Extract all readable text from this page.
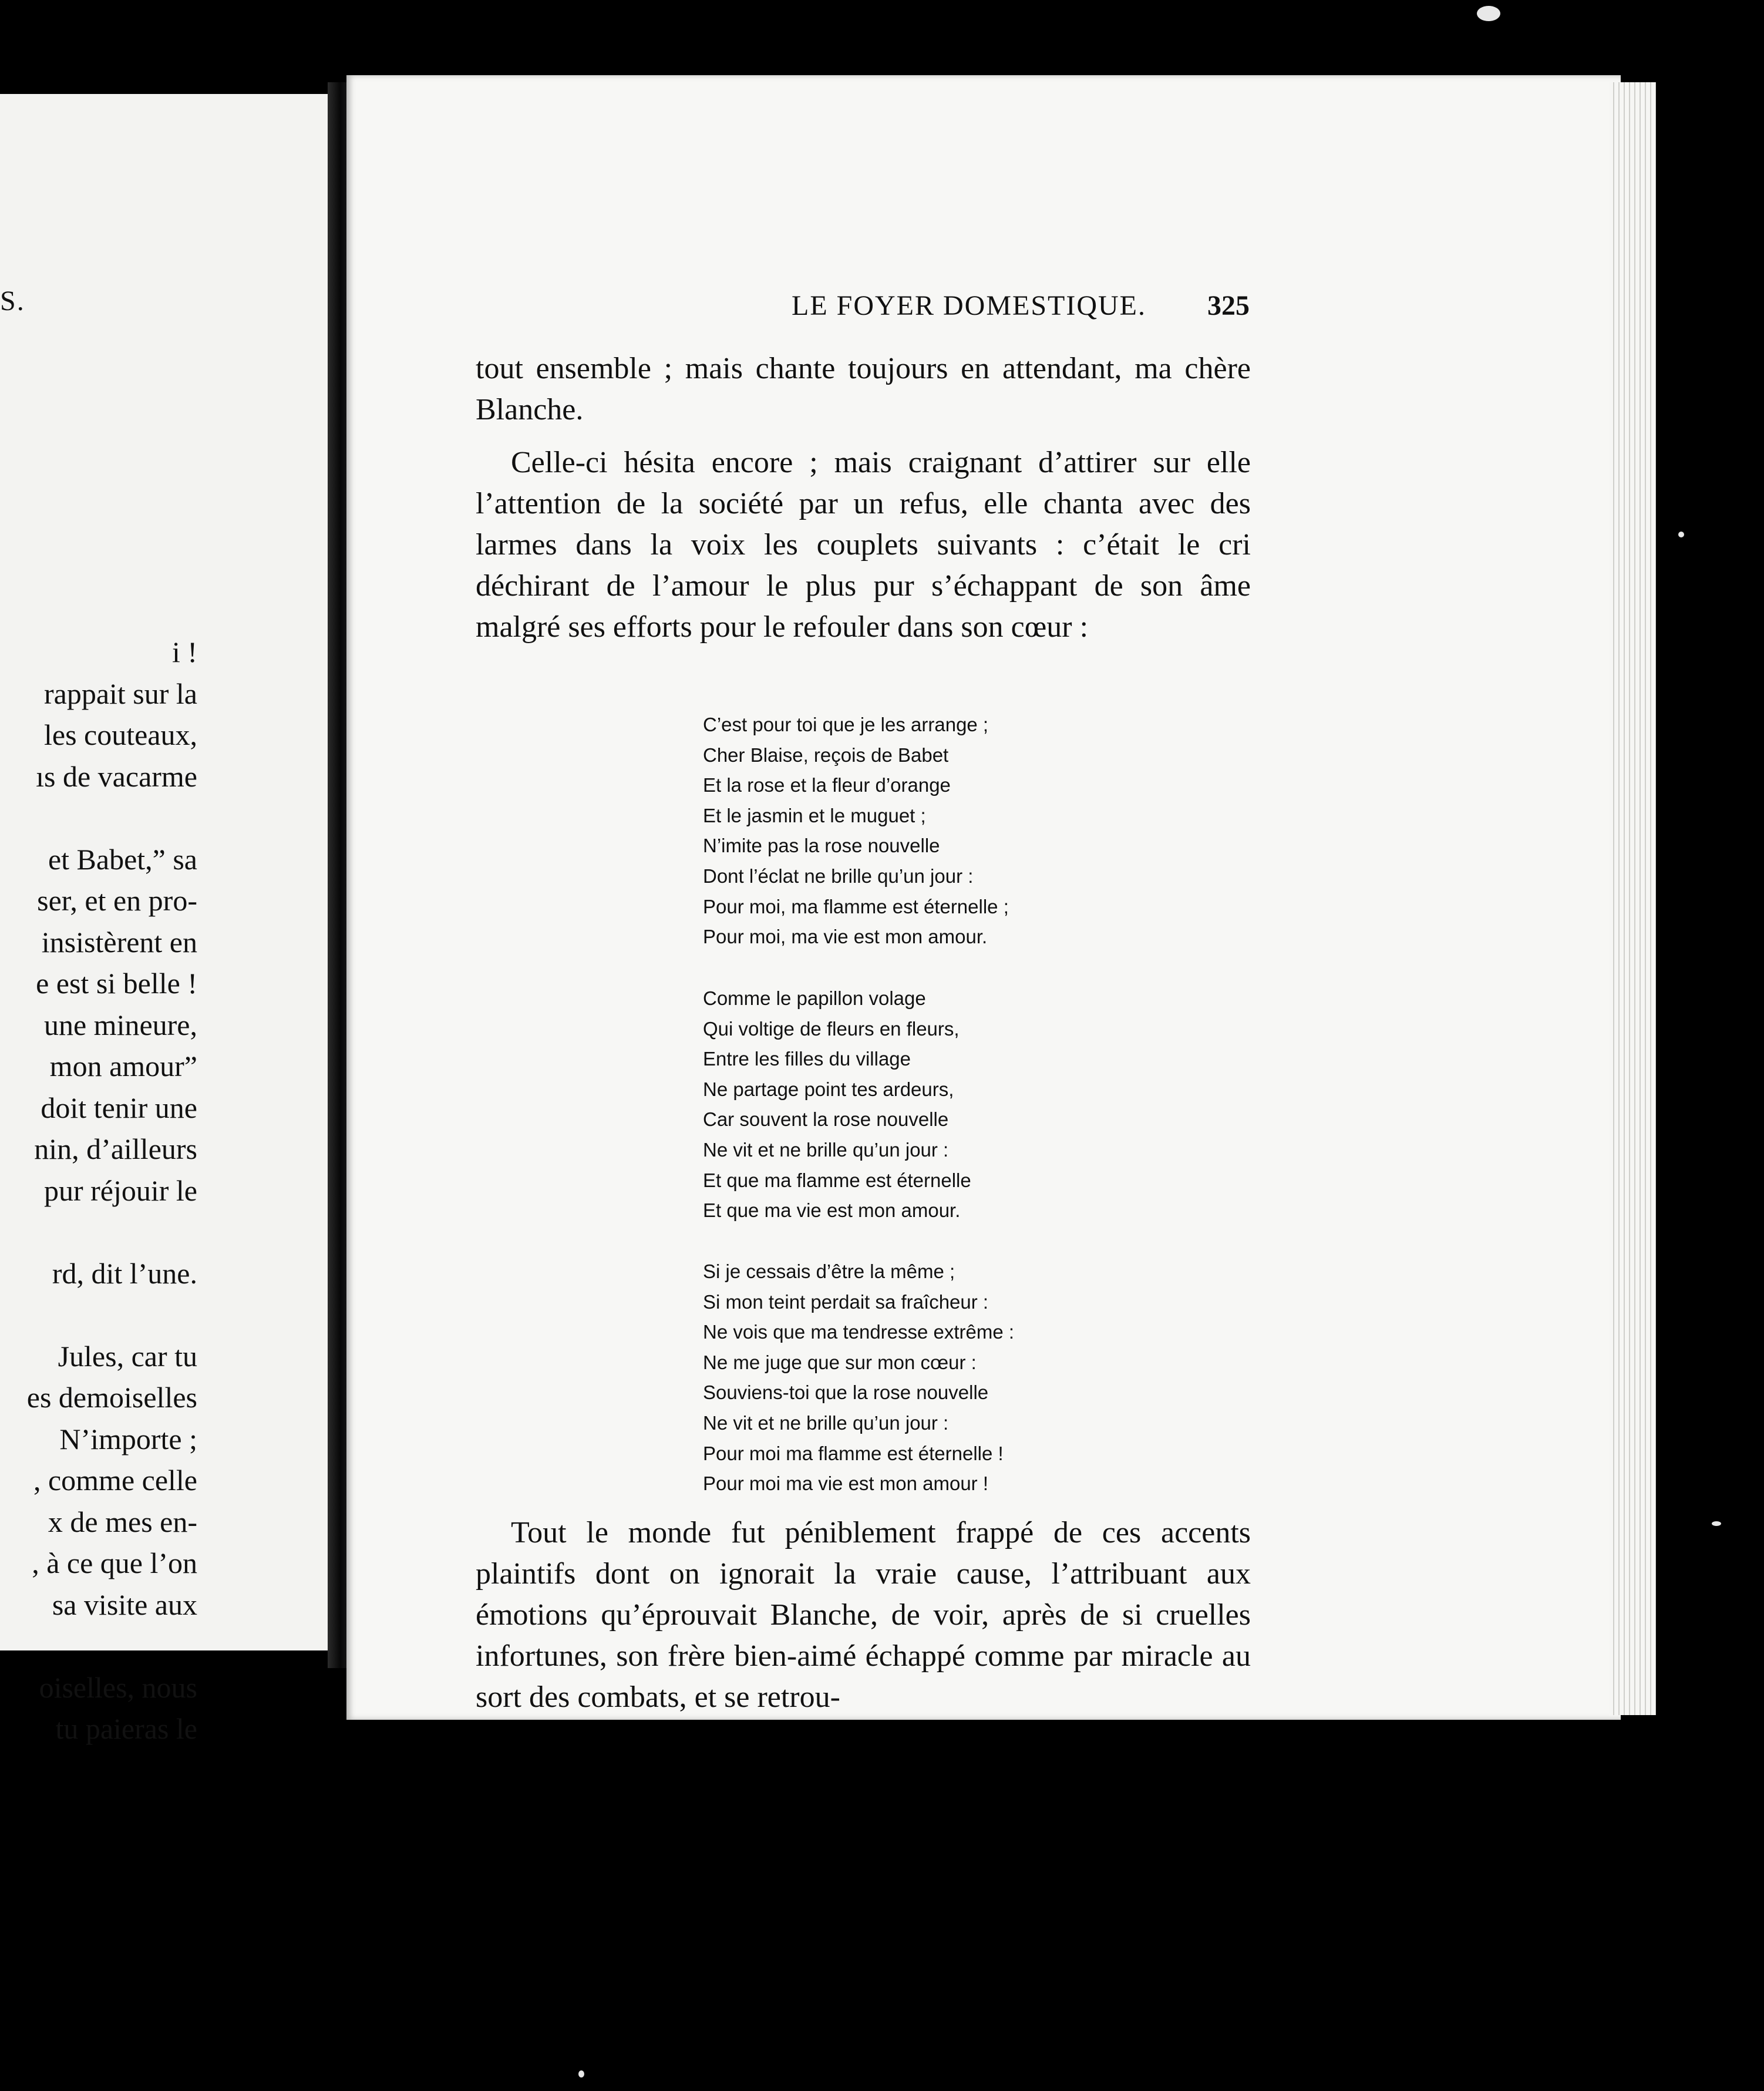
S.
i !
rappait sur la
les couteaux,
ıs de vacarme
et Babet,” sa
ser, et en pro-
insistèrent en
e est si belle !
une mineure,
mon amour”
doit tenir une
nin, d’ailleurs
pur réjouir le
rd, dit l’une.
Jules, car tu
es demoiselles
N’importe ;
, comme celle
x de mes en-
, à ce que l’on
sa visite aux
oiselles, nous
tu paieras le
LE FOYER DOMESTIQUE.	325

tout ensemble ; mais chante toujours en attendant, ma chère Blanche.

Celle-ci hésita encore ; mais craignant d’attirer sur elle l’attention de la société par un refus, elle chanta avec des larmes dans la voix les couplets suivants : c’était le cri déchirant de l’amour le plus pur s’échappant de son âme malgré ses efforts pour le refouler dans son cœur :

C’est pour toi que je les arrange ;
Cher Blaise, reçois de Babet
Et la rose et la fleur d’orange
Et le jasmin et le muguet ;
N’imite pas la rose nouvelle
Dont l’éclat ne brille qu’un jour :
Pour moi, ma flamme est éternelle ;
Pour moi, ma vie est mon amour.
Comme le papillon volage
Qui voltige de fleurs en fleurs,
Entre les filles du village
Ne partage point tes ardeurs,
Car souvent la rose nouvelle
Ne vit et ne brille qu’un jour :
Et que ma flamme est éternelle
Et que ma vie est mon amour.
Si je cessais d’être la même ;
Si mon teint perdait sa fraîcheur :
Ne vois que ma tendresse extrême :
Ne me juge que sur mon cœur :
Souviens-toi que la rose nouvelle
Ne vit et ne brille qu’un jour :
Pour moi ma flamme est éternelle !
Pour moi ma vie est mon amour !

Tout le monde fut péniblement frappé de ces accents plaintifs dont on ignorait la vraie cause, l’attribuant aux émotions qu’éprouvait Blanche, de voir, après de si cruelles infortunes, son frère bien-aimé échappé comme par miracle au sort des combats, et se retrou-
